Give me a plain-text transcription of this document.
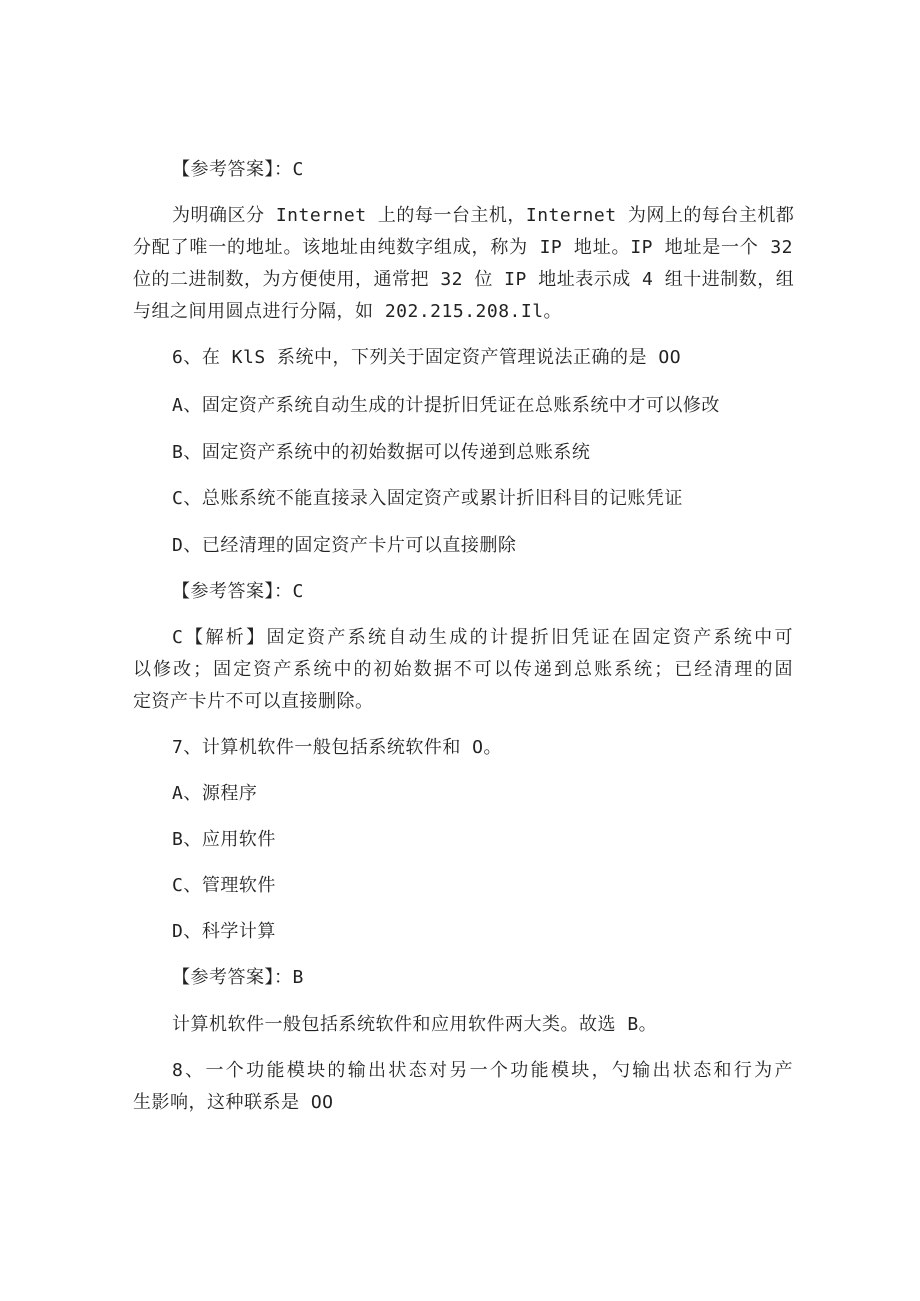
【参考答案】：C
为明确区分 Internet 上的每一台主机，Internet 为网上的每台主机都
分配了唯一的地址。该地址由纯数字组成，称为 IP 地址。IP 地址是一个 32
位的二进制数，为方便使用，通常把 32 位 IP 地址表示成 4 组十进制数，组
与组之间用圆点进行分隔，如 202.215.208.Il。
6、在 KlS 系统中，下列关于固定资产管理说法正确的是 OO
A、固定资产系统自动生成的计提折旧凭证在总账系统中才可以修改
B、固定资产系统中的初始数据可以传递到总账系统
C、总账系统不能直接录入固定资产或累计折旧科目的记账凭证
D、已经清理的固定资产卡片可以直接删除
【参考答案】：C
C【解析】固定资产系统自动生成的计提折旧凭证在固定资产系统中可
以修改；固定资产系统中的初始数据不可以传递到总账系统；已经清理的固
定资产卡片不可以直接删除。
7、计算机软件一般包括系统软件和 O。
A、源程序
B、应用软件
C、管理软件
D、科学计算
【参考答案】：B
计算机软件一般包括系统软件和应用软件两大类。故选 B。
8、一个功能模块的输出状态对另一个功能模块，勺输出状态和行为产
生影响，这种联系是 OO
